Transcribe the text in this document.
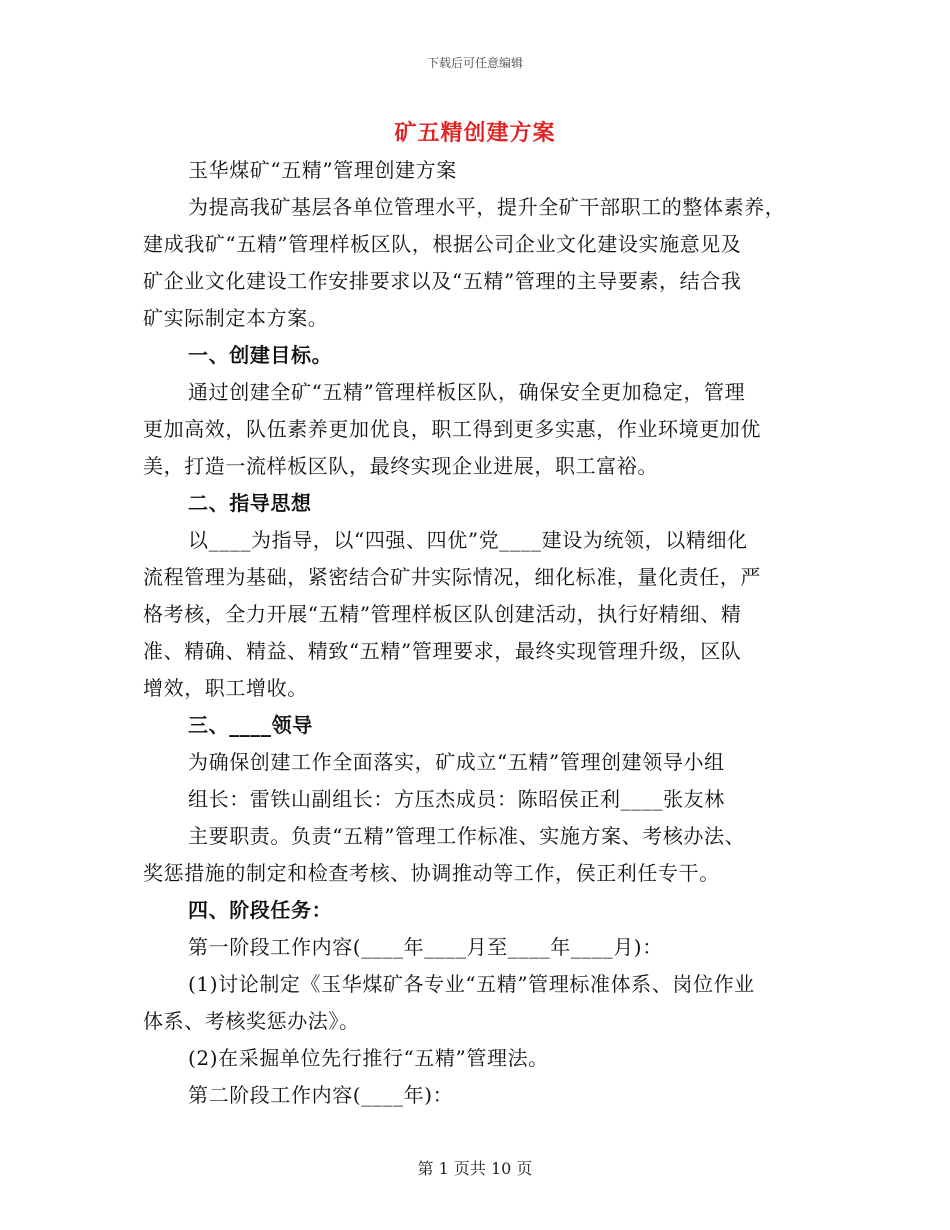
下载后可任意编辑
矿五精创建方案
玉华煤矿“五精”管理创建方案
为提高我矿基层各单位管理水平，提升全矿干部职工的整体素养，
建成我矿“五精”管理样板区队，根据公司企业文化建设实施意见及
矿企业文化建设工作安排要求以及“五精”管理的主导要素，结合我
矿实际制定本方案。
一、创建目标。
通过创建全矿“五精”管理样板区队，确保安全更加稳定，管理
更加高效，队伍素养更加优良，职工得到更多实惠，作业环境更加优
美，打造一流样板区队，最终实现企业进展，职工富裕。
二、指导思想
以____为指导，以“四强、四优”党____建设为统领，以精细化
流程管理为基础，紧密结合矿井实际情况，细化标准，量化责任，严
格考核，全力开展“五精”管理样板区队创建活动，执行好精细、精
准、精确、精益、精致“五精”管理要求，最终实现管理升级，区队
增效，职工增收。
三、____领导
为确保创建工作全面落实，矿成立“五精”管理创建领导小组
组长：雷铁山副组长：方压杰成员：陈昭侯正利____张友林
主要职责。负责“五精”管理工作标准、实施方案、考核办法、
奖惩措施的制定和检查考核、协调推动等工作，侯正利任专干。
四、阶段任务：
第一阶段工作内容(____年____月至____年____月)：
(1)讨论制定《玉华煤矿各专业“五精”管理标准体系、岗位作业
体系、考核奖惩办法》。
(2)在采掘单位先行推行“五精”管理法。
第二阶段工作内容(____年)：
第 1 页共 10 页
